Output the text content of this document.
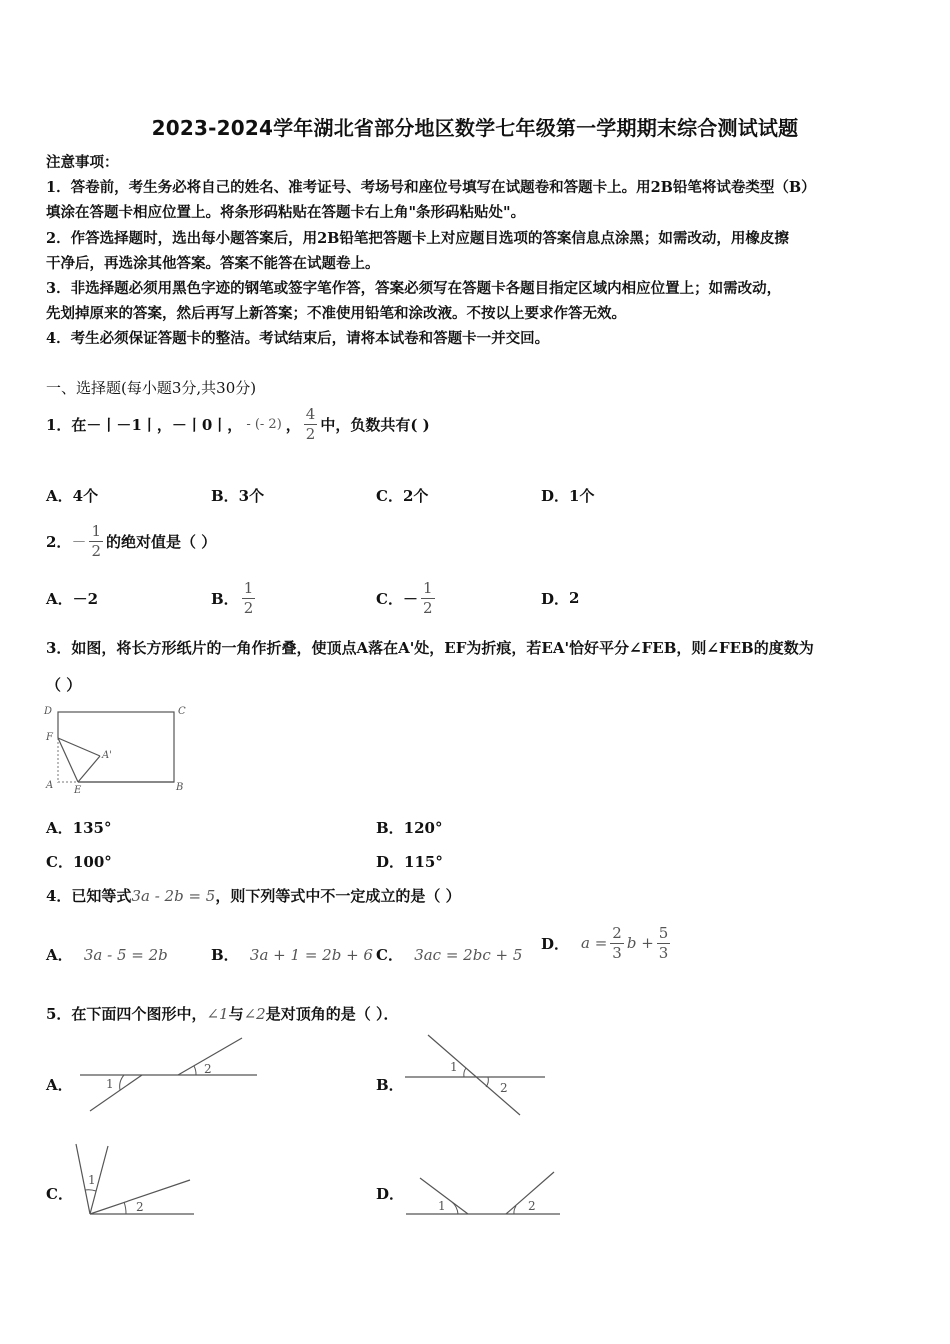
2023-2024学年湖北省部分地区数学七年级第一学期期末综合测试试题
注意事项：
1．答卷前，考生务必将自己的姓名、准考证号、考场号和座位号填写在试题卷和答题卡上。用2B铅笔将试卷类型（B）
填涂在答题卡相应位置上。将条形码粘贴在答题卡右上角"条形码粘贴处"。
2．作答选择题时，选出每小题答案后，用2B铅笔把答题卡上对应题目选项的答案信息点涂黑；如需改动，用橡皮擦
干净后，再选涂其他答案。答案不能答在试题卷上。
3．非选择题必须用黑色字迹的钢笔或签字笔作答，答案必须写在答题卡各题目指定区域内相应位置上；如需改动，
先划掉原来的答案，然后再写上新答案；不准使用铅笔和涂改液。不按以上要求作答无效。
4．考生必须保证答题卡的整洁。考试结束后，请将本试卷和答题卡一并交回。
一、选择题(每小题3分,共30分)
1．在－丨－1丨，－丨0丨， - (- 2) ， $\frac{4}{2}$ 中，负数共有( )
A．4个	B．3个	C．2个	D．1个
2． － $\frac{1}{2}$ 的绝对值是（ ）
A． －2	B． $\frac{1}{2}$	C． － $\frac{1}{2}$	D． 2
3．如图，将长方形纸片的一角作折叠，使顶点A落在A'处，EF为折痕，若EA'恰好平分∠FEB，则∠FEB的度数为
（ ）
D	C
F
A'
A E	B
A．135°	B．120°
C．100°	D．115°
4．已知等式3a - 2b = 5，则下列等式中不一定成立的是（ ）
A． 3a - 5 = 2b	B． 3a + 1 = 2b + 6 C． 3ac = 2bc + 5
D． $a = \frac{2}{3}$ $b + \frac{5}{3}$
5．在下面四个图形中，∠1与∠2是对顶角的是（ ）．
A．	1
2
B．
1
2
C．
1
2
D．
1	2
